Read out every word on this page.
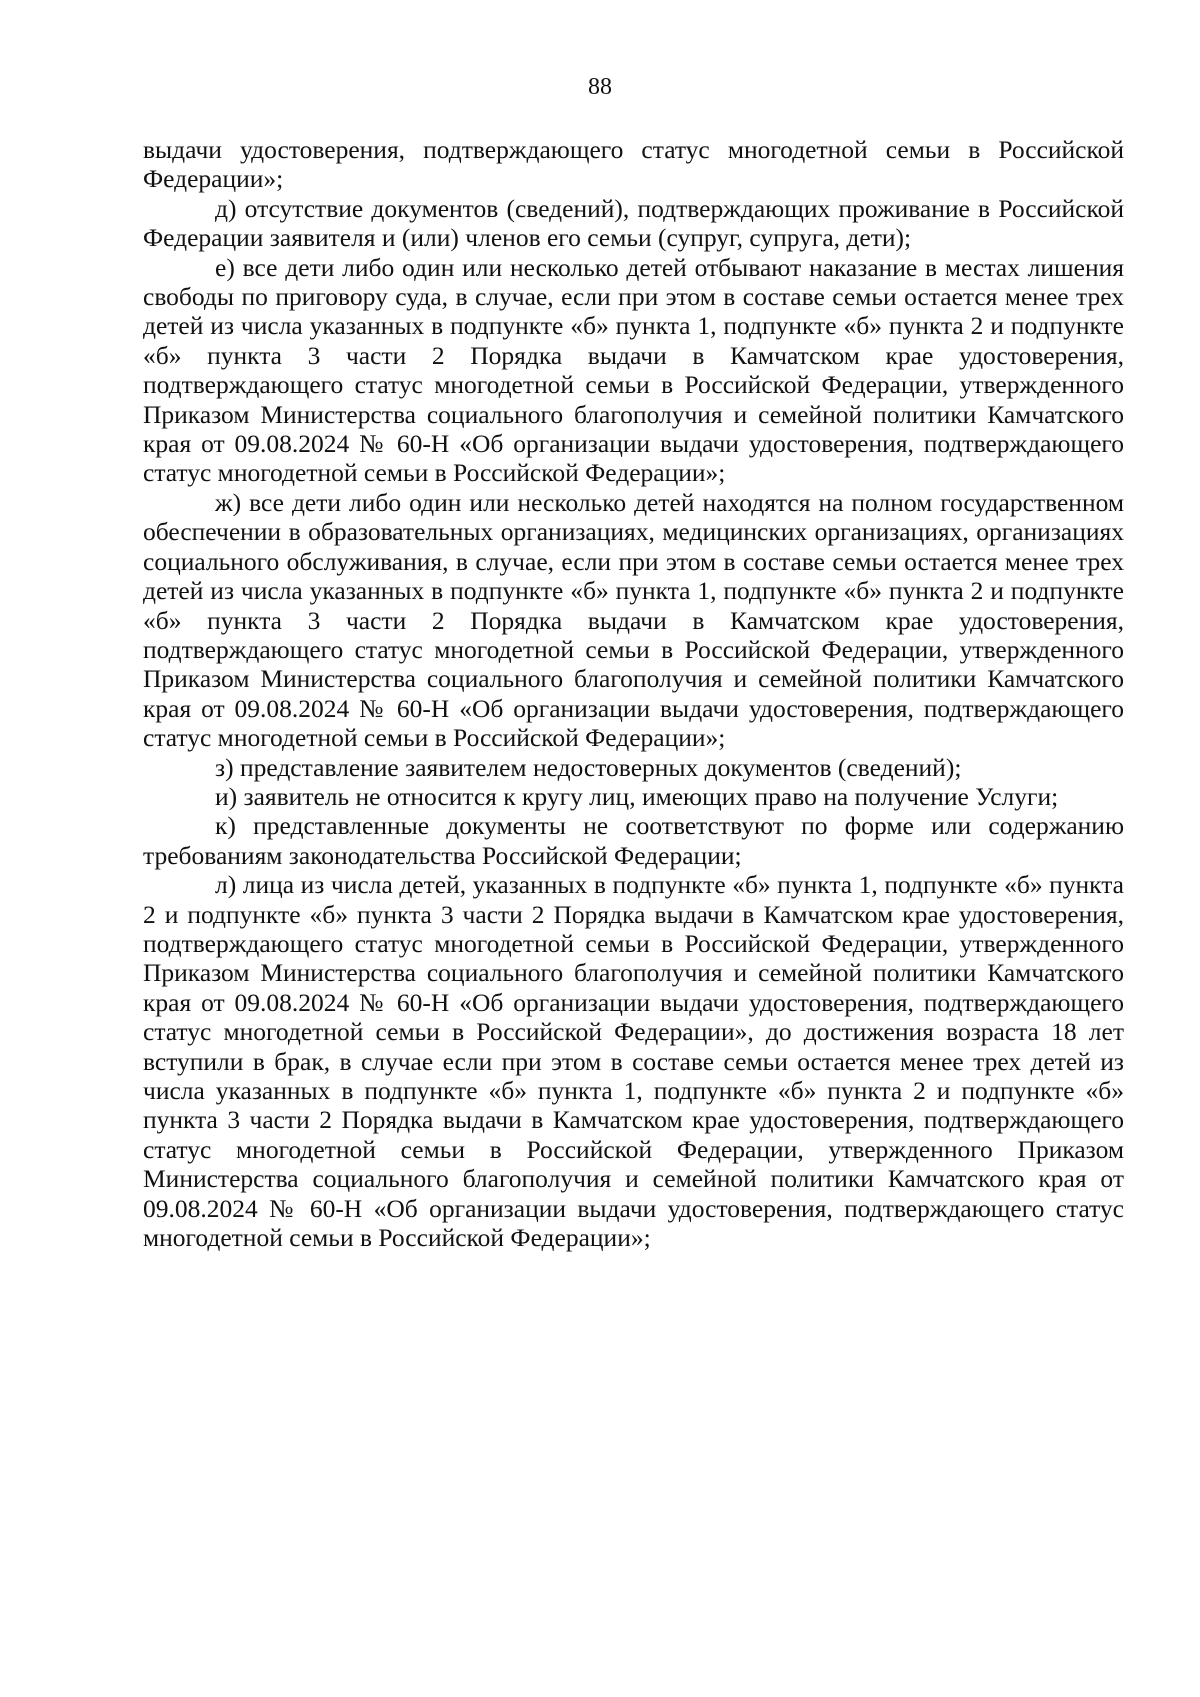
88

выдачи удостоверения, подтверждающего статус многодетной семьи в Российской Федерации»;

д) отсутствие документов (сведений), подтверждающих проживание в Российской Федерации заявителя и (или) членов его семьи (супруг, супруга, дети);

е) все дети либо один или несколько детей отбывают наказание в местах лишения свободы по приговору суда, в случае, если при этом в составе семьи остается менее трех детей из числа указанных в подпункте «б» пункта 1, подпункте «б» пункта 2 и подпункте «б» пункта 3 части 2 Порядка выдачи в Камчатском крае удостоверения, подтверждающего статус многодетной семьи в Российской Федерации, утвержденного Приказом Министерства социального благополучия и семейной политики Камчатского края от 09.08.2024 № 60-Н «Об организации выдачи удостоверения, подтверждающего статус многодетной семьи в Российской Федерации»;

ж) все дети либо один или несколько детей находятся на полном государственном обеспечении в образовательных организациях, медицинских организациях, организациях социального обслуживания, в случае, если при этом в составе семьи остается менее трех детей из числа указанных в подпункте «б» пункта 1, подпункте «б» пункта 2 и подпункте «б» пункта 3 части 2 Порядка выдачи в Камчатском крае удостоверения, подтверждающего статус многодетной семьи в Российской Федерации, утвержденного Приказом Министерства социального благополучия и семейной политики Камчатского края от 09.08.2024 № 60-Н «Об организации выдачи удостоверения, подтверждающего статус многодетной семьи в Российской Федерации»;

з) представление заявителем недостоверных документов (сведений);

и) заявитель не относится к кругу лиц, имеющих право на получение Услуги;

к) представленные документы не соответствуют по форме или содержанию требованиям законодательства Российской Федерации;

л) лица из числа детей, указанных в подпункте «б» пункта 1, подпункте «б» пункта 2 и подпункте «б» пункта 3 части 2 Порядка выдачи в Камчатском крае удостоверения, подтверждающего статус многодетной семьи в Российской Федерации, утвержденного Приказом Министерства социального благополучия и семейной политики Камчатского края от 09.08.2024 № 60-Н «Об организации выдачи удостоверения, подтверждающего статус многодетной семьи в Российской Федерации», до достижения возраста 18 лет вступили в брак, в случае если при этом в составе семьи остается менее трех детей из числа указанных в подпункте «б» пункта 1, подпункте «б» пункта 2 и подпункте «б» пункта 3 части 2 Порядка выдачи в Камчатском крае удостоверения, подтверждающего статус многодетной семьи в Российской Федерации, утвержденного Приказом Министерства социального благополучия и семейной политики Камчатского края от 09.08.2024 № 60-Н «Об организации выдачи удостоверения, подтверждающего статус многодетной семьи в Российской Федерации»;
